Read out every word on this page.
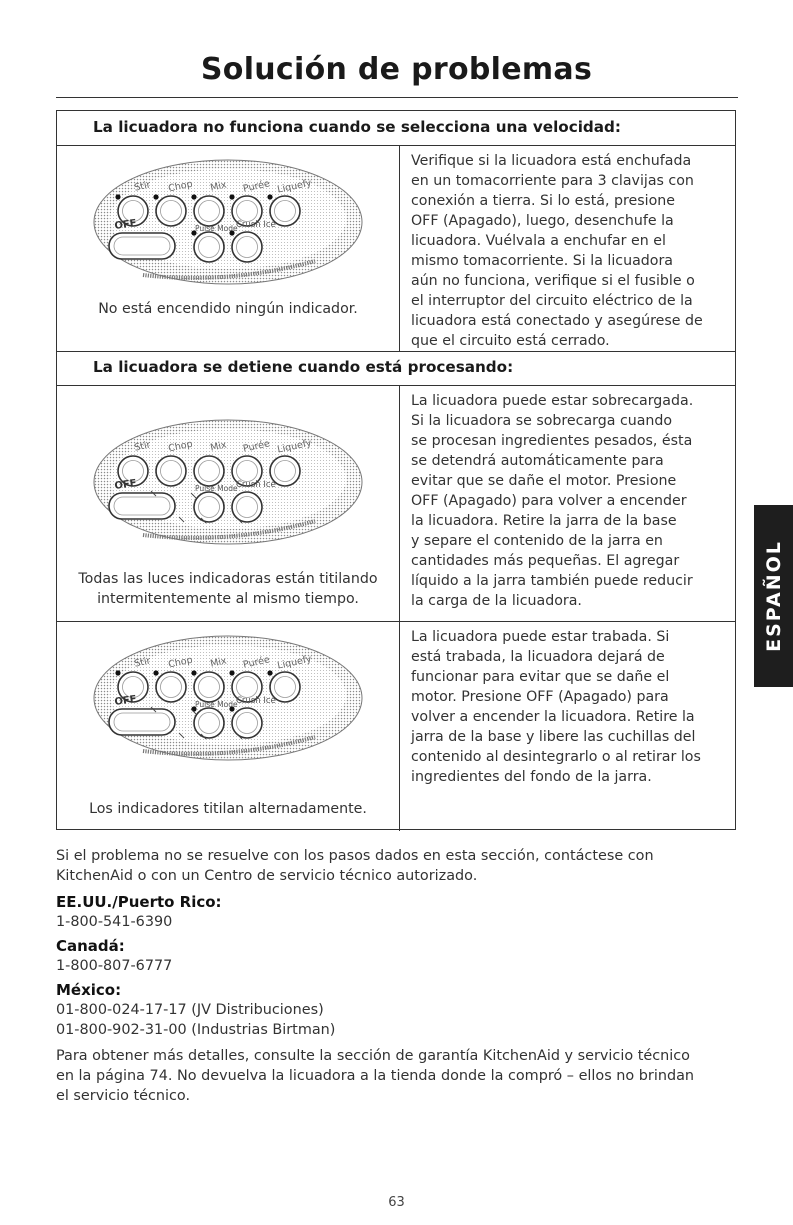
Solución de problemas
La licuadora no funciona cuando se selecciona una velocidad:
Stir Chop Mix Purée Liquefy
OFF	Pulse Mode
Crush Ice
No está encendido ningún indicador.

Verifique si la licuadora está enchufada
en un tomacorriente para 3 clavijas con
conexión a tierra. Si lo está, presione
OFF (Apagado), luego, desenchufe la
licuadora. Vuélvala a enchufar en el
mismo tomacorriente. Si la licuadora
aún no funciona, verifique si el fusible o
el interruptor del circuito eléctrico de la
licuadora está conectado y asegúrese de
que el circuito está cerrado.

La licuadora se detiene cuando está procesando:
Stir Chop Mix Purée Liquefy
OFF	Pulse Mode
Crush Ice
Todas las luces indicadoras están titilando
intermitentemente al mismo tiempo.

La licuadora puede estar sobrecargada.
Si la licuadora se sobrecarga cuando
se procesan ingredientes pesados, ésta
se detendrá automáticamente para
evitar que se dañe el motor. Presione
OFF (Apagado) para volver a encender
la licuadora. Retire la jarra de la base
y separe el contenido de la jarra en
cantidades más pequeñas. El agregar
líquido a la jarra también puede reducir
la carga de la licuadora.

Stir Chop Mix Purée Liquefy
OFF	Pulse Mode
Crush Ice
Los indicadores titilan alternadamente.

La licuadora puede estar trabada. Si
está trabada, la licuadora dejará de
funcionar para evitar que se dañe el
motor. Presione OFF (Apagado) para
volver a encender la licuadora. Retire la
jarra de la base y libere las cuchillas del
contenido al desintegrarlo o al retirar los
ingredientes del fondo de la jarra.

Si el problema no se resuelve con los pasos dados en esta sección, contáctese con
KitchenAid o con un Centro de servicio técnico autorizado.
EE.UU./Puerto Rico:
1-800-541-6390
Canadá:
1-800-807-6777
México:
01-800-024-17-17 (JV Distribuciones)
01-800-902-31-00 (Industrias Birtman)
Para obtener más detalles, consulte la sección de garantía KitchenAid y servicio técnico
en la página 74. No devuelva la licuadora a la tienda donde la compró – ellos no brindan
el servicio técnico.
ESPAÑOL
63
